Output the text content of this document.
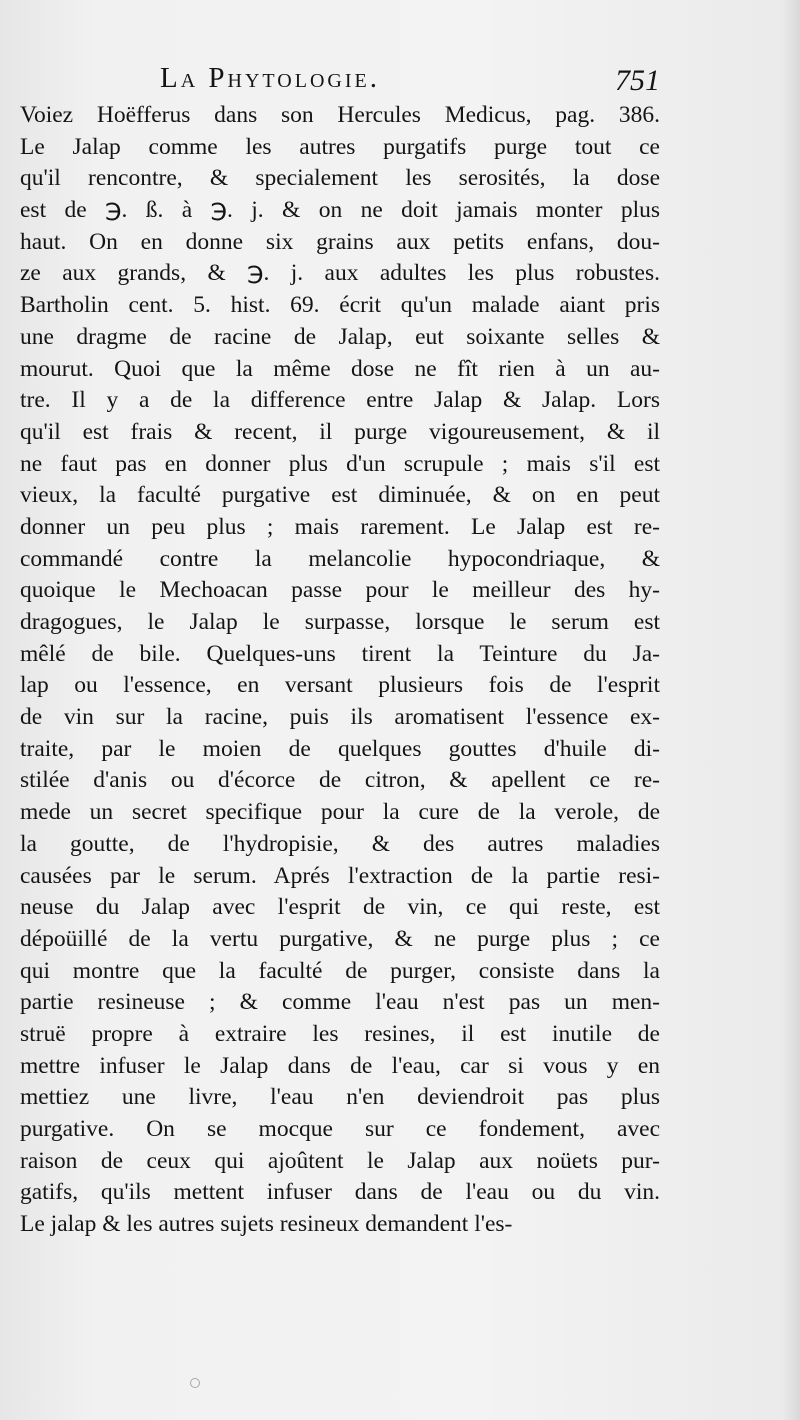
La Phytologie.	751
Voiez Hoëfferus dans son Hercules Medicus, pag. 386.
Le Jalap comme les autres purgatifs purge tout ce
qu'il rencontre, & specialement les serosités, la dose
est de ℈. ß. à ℈. j. & on ne doit jamais monter plus
haut. On en donne six grains aux petits enfans, dou-
ze aux grands, & ℈. j. aux adultes les plus robustes.
Bartholin cent. 5. hist. 69. écrit qu'un malade aiant pris
une dragme de racine de Jalap, eut soixante selles &
mourut. Quoi que la même dose ne fît rien à un au-
tre. Il y a de la difference entre Jalap & Jalap. Lors
qu'il est frais & recent, il purge vigoureusement, & il
ne faut pas en donner plus d'un scrupule ; mais s'il est
vieux, la faculté purgative est diminuée, & on en peut
donner un peu plus ; mais rarement. Le Jalap est re-
commandé contre la melancolie hypocondriaque, &
quoique le Mechoacan passe pour le meilleur des hy-
dragogues, le Jalap le surpasse, lorsque le serum est
mêlé de bile. Quelques-uns tirent la Teinture du Ja-
lap ou l'essence, en versant plusieurs fois de l'esprit
de vin sur la racine, puis ils aromatisent l'essence ex-
traite, par le moien de quelques gouttes d'huile di-
stilée d'anis ou d'écorce de citron, & apellent ce re-
mede un secret specifique pour la cure de la verole, de
la goutte, de l'hydropisie, & des autres maladies
causées par le serum. Aprés l'extraction de la partie resi-
neuse du Jalap avec l'esprit de vin, ce qui reste, est
dépoüillé de la vertu purgative, & ne purge plus ; ce
qui montre que la faculté de purger, consiste dans la
partie resineuse ; & comme l'eau n'est pas un men-
struë propre à extraire les resines, il est inutile de
mettre infuser le Jalap dans de l'eau, car si vous y en
mettiez une livre, l'eau n'en deviendroit pas plus
purgative. On se mocque sur ce fondement, avec
raison de ceux qui ajoûtent le Jalap aux noüets pur-
gatifs, qu'ils mettent infuser dans de l'eau ou du vin.
Le jalap & les autres sujets resineux demandent l'es-
